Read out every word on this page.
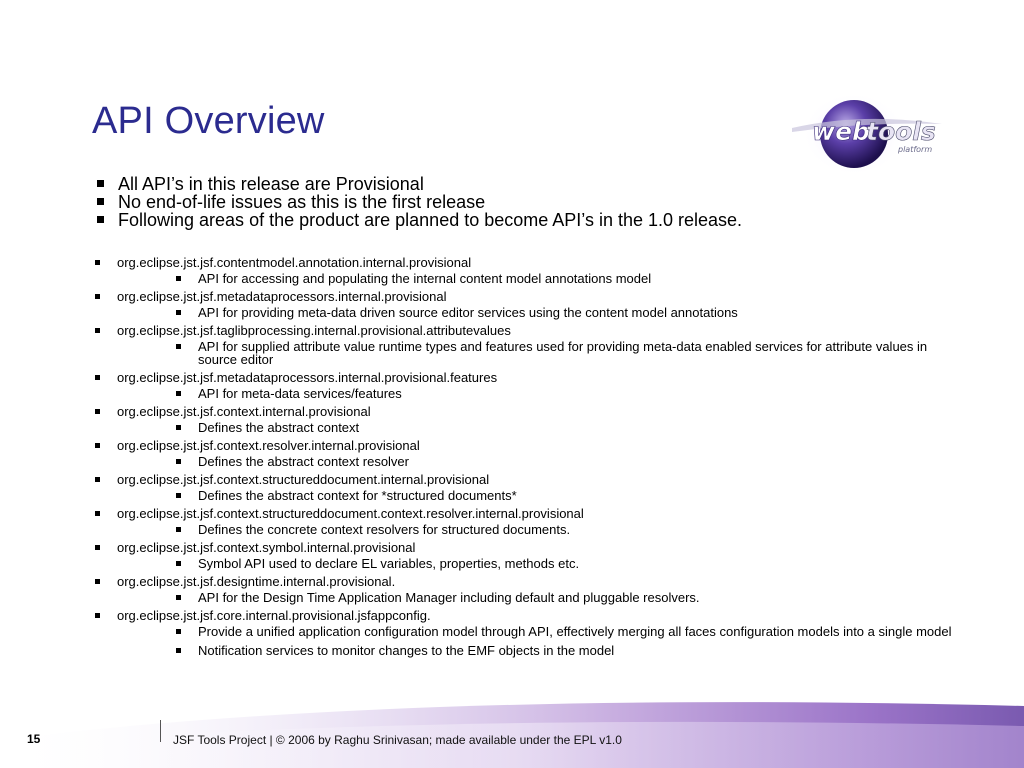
API Overview	web
tools
platform
All API’s in this release are Provisional
No end-of-life issues as this is the first release
Following areas of the product are planned to become API’s in the 1.0 release.
org.eclipse.jst.jsf.contentmodel.annotation.internal.provisional
API for accessing and populating the internal content model annotations model
org.eclipse.jst.jsf.metadataprocessors.internal.provisional
API for providing meta-data driven source editor services using the content model annotations
org.eclipse.jst.jsf.taglibprocessing.internal.provisional.attributevalues
API for supplied attribute value runtime types and features used for providing meta-data enabled services for attribute values in source editor
org.eclipse.jst.jsf.metadataprocessors.internal.provisional.features
API for meta-data services/features
org.eclipse.jst.jsf.context.internal.provisional
Defines the abstract context
org.eclipse.jst.jsf.context.resolver.internal.provisional
Defines the abstract context resolver
org.eclipse.jst.jsf.context.structureddocument.internal.provisional
Defines the abstract context for *structured documents*
org.eclipse.jst.jsf.context.structureddocument.context.resolver.internal.provisional
Defines the concrete context resolvers for structured documents.
org.eclipse.jst.jsf.context.symbol.internal.provisional
Symbol API used to declare EL variables, properties, methods etc.
org.eclipse.jst.jsf.designtime.internal.provisional.
API for the Design Time Application Manager including default and pluggable resolvers.
org.eclipse.jst.jsf.core.internal.provisional.jsfappconfig.
Provide a unified application configuration model through API, effectively merging all faces configuration models into a single model
Notification services to monitor changes to the EMF objects in the model
15	JSF Tools Project | © 2006 by Raghu Srinivasan; made available under the EPL v1.0
